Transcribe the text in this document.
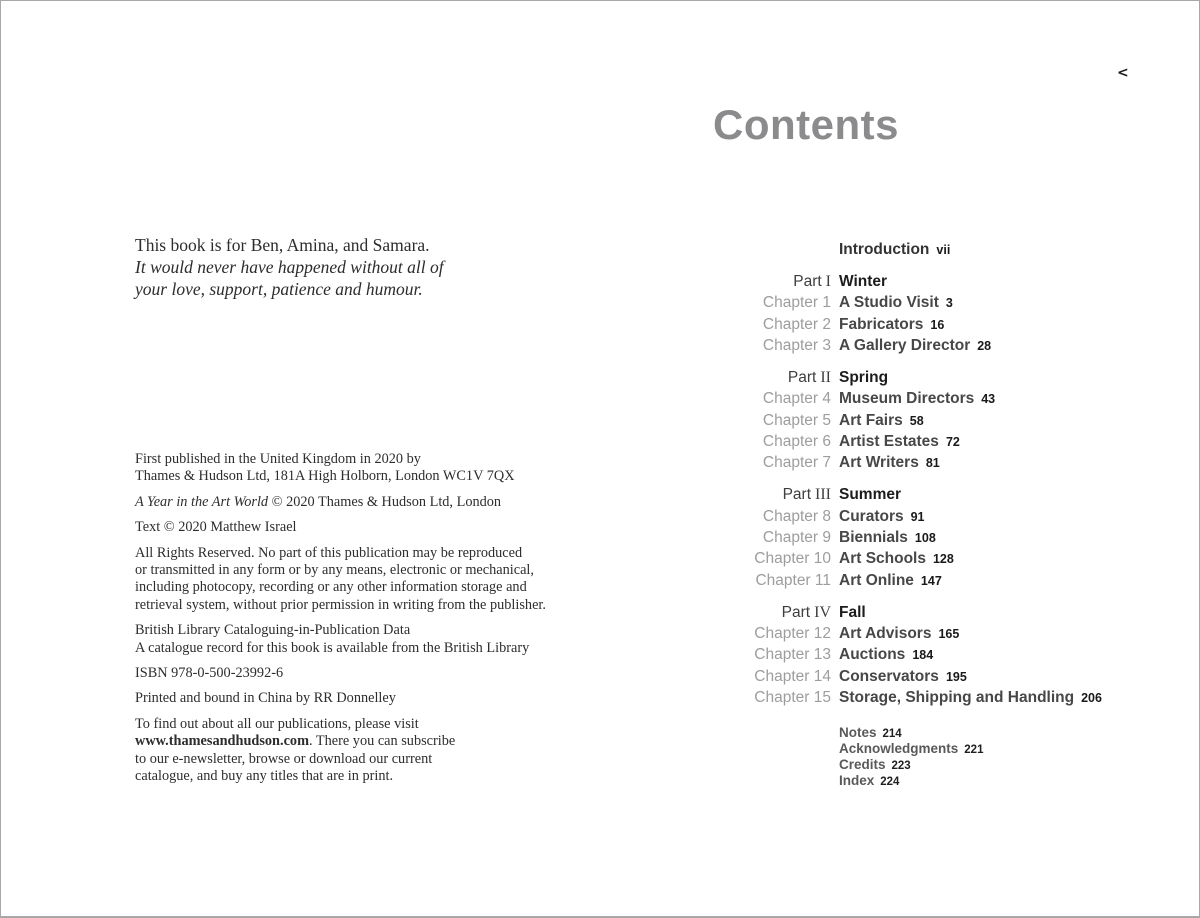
<
This book is for Ben, Amina, and Samara.
It would never have happened without all of
your love, support, patience and humour.
First published in the United Kingdom in 2020 by
Thames & Hudson Ltd, 181A High Holborn, London WC1V 7QX
A Year in the Art World © 2020 Thames & Hudson Ltd, London
Text © 2020 Matthew Israel
All Rights Reserved. No part of this publication may be reproduced
or transmitted in any form or by any means, electronic or mechanical,
including photocopy, recording or any other information storage and
retrieval system, without prior permission in writing from the publisher.
British Library Cataloguing-in-Publication Data
A catalogue record for this book is available from the British Library
ISBN 978-0-500-23992-6
Printed and bound in China by RR Donnelley
To find out about all our publications, please visit
www.thamesandhudson.com. There you can subscribe
to our e-newsletter, browse or download our current
catalogue, and buy any titles that are in print.
Contents
Introduction vii
Part I Winter
Chapter 1 A Studio Visit 3
Chapter 2 Fabricators 16
Chapter 3 A Gallery Director 28
Part II Spring
Chapter 4 Museum Directors 43
Chapter 5 Art Fairs 58
Chapter 6 Artist Estates 72
Chapter 7 Art Writers 81
Part III Summer
Chapter 8 Curators 91
Chapter 9 Biennials 108
Chapter 10 Art Schools 128
Chapter 11 Art Online 147
Part IV Fall
Chapter 12 Art Advisors 165
Chapter 13 Auctions 184
Chapter 14 Conservators 195
Chapter 15 Storage, Shipping and Handling 206
Notes 214
Acknowledgments 221
Credits 223
Index 224
